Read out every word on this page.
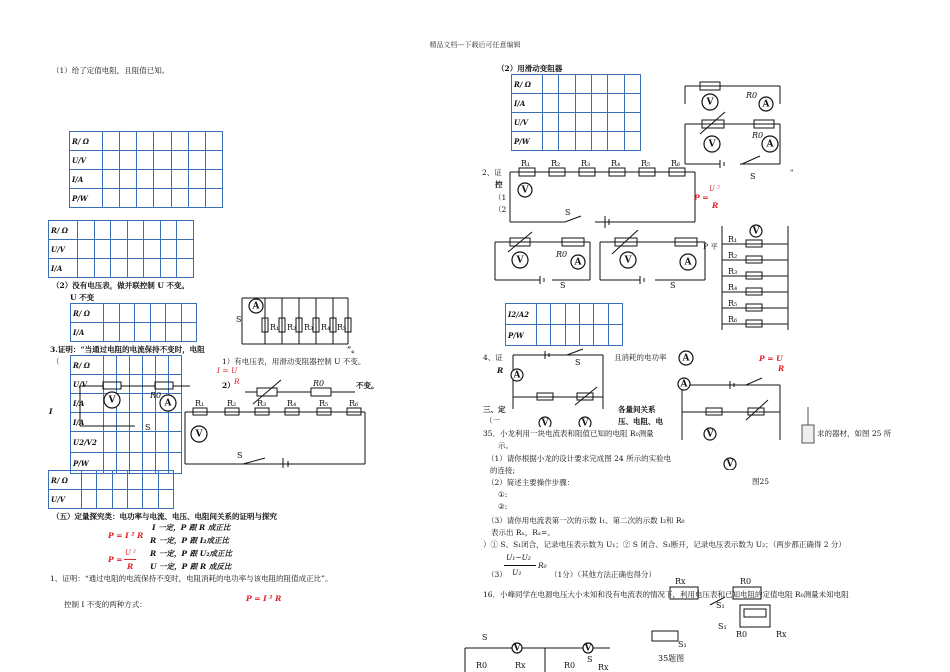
精品文档---下载后可任意编辑
（1）给了定值电阻，且阻值已知。
R/ Ω							
U/V							
I/A							
P/W							
R/ Ω							
U/V							
I/A							
（2）没有电压表，做并联控制 U 不变。
U 不变
R/ Ω						
I/A						
3.证明：“当通过电阻的电流保持不变时，电阻	”。
R/ Ω						
U/V						
I/A						
I/A						
U2/V2						
P/W						
（
I
1）有电压表，用滑动变阻器控制 U 不变。
2）	不变。
I = U
R
A
S
R₁ R₂ R₃ R₄ R₅
V	A
R0
S
R₁	R₂	R₃	R₄	R₅	R₆
V
S
R0
R/ Ω						
U/V						
（五）定量探究类：电功率与电流、电压、电阻间关系的证明与探究
P = I ² R
U ²
P =
R
I 一定，P 跟 R 成正比
R 一定，P 跟 I₂成正比
R 一定，P 跟 U₂成正比
U 一定，P 跟 R 成反比
1、证明：“通过电阻的电流保持不变时，电阻消耗的电功率与该电阻的阻值成正比”。
P = I ² R
控制 I 不变的两种方式：
S
V	V
R0	Rx	R0
S
Rx
（2）用滑动变阻器
R/ Ω						
I/A						
U/V						
P/W						
V
R0
A
V
R0
A
S
2、证
控
（1
（2
R₁	R₂	R₃	R₄	R₅	R₆
V
S
P =
U ²
R
"
V
R0
A
S
V	A
S
P 平
V
R₁
R₂
R₃
R₄
R₅
R₆
I2/A2						
P/W						
4、证	且消耗的电功率
R
S
A
V	V
A
A
V
V
P = U
R
三、定
（一
各量间关系
压、电阻、电
35．小龙利用一块电流表和阻值已知的电阻 R₀测量	求的器材，如图 25 所
示。
（1）请你根据小龙的设计要求完成图 24 所示的实验电
的连接;
（2）简述主要操作步骤：
①:
②:
（3）请你用电流表第一次的示数 I₁、第二次的示数 I₂和 R₀
表示出 Rₓ，Rₓ=。
）① S、S₁闭合，记录电压表示数为 U₁；② S 闭合、S₁断开，记录电压表示数为 U₂；（两步都正确得 2 分）
（3）
U₁−U₂
U₂
R₀
（1分）（其他方法正确也得分）
图25
16．小峰同学在电源电压大小未知和没有电流表的情况下，利用电压表和已知电阻的定值电阻 R₀测量未知电阻
Rx	R0
S₁
R0	Rx
S₁
35题图
S₁
